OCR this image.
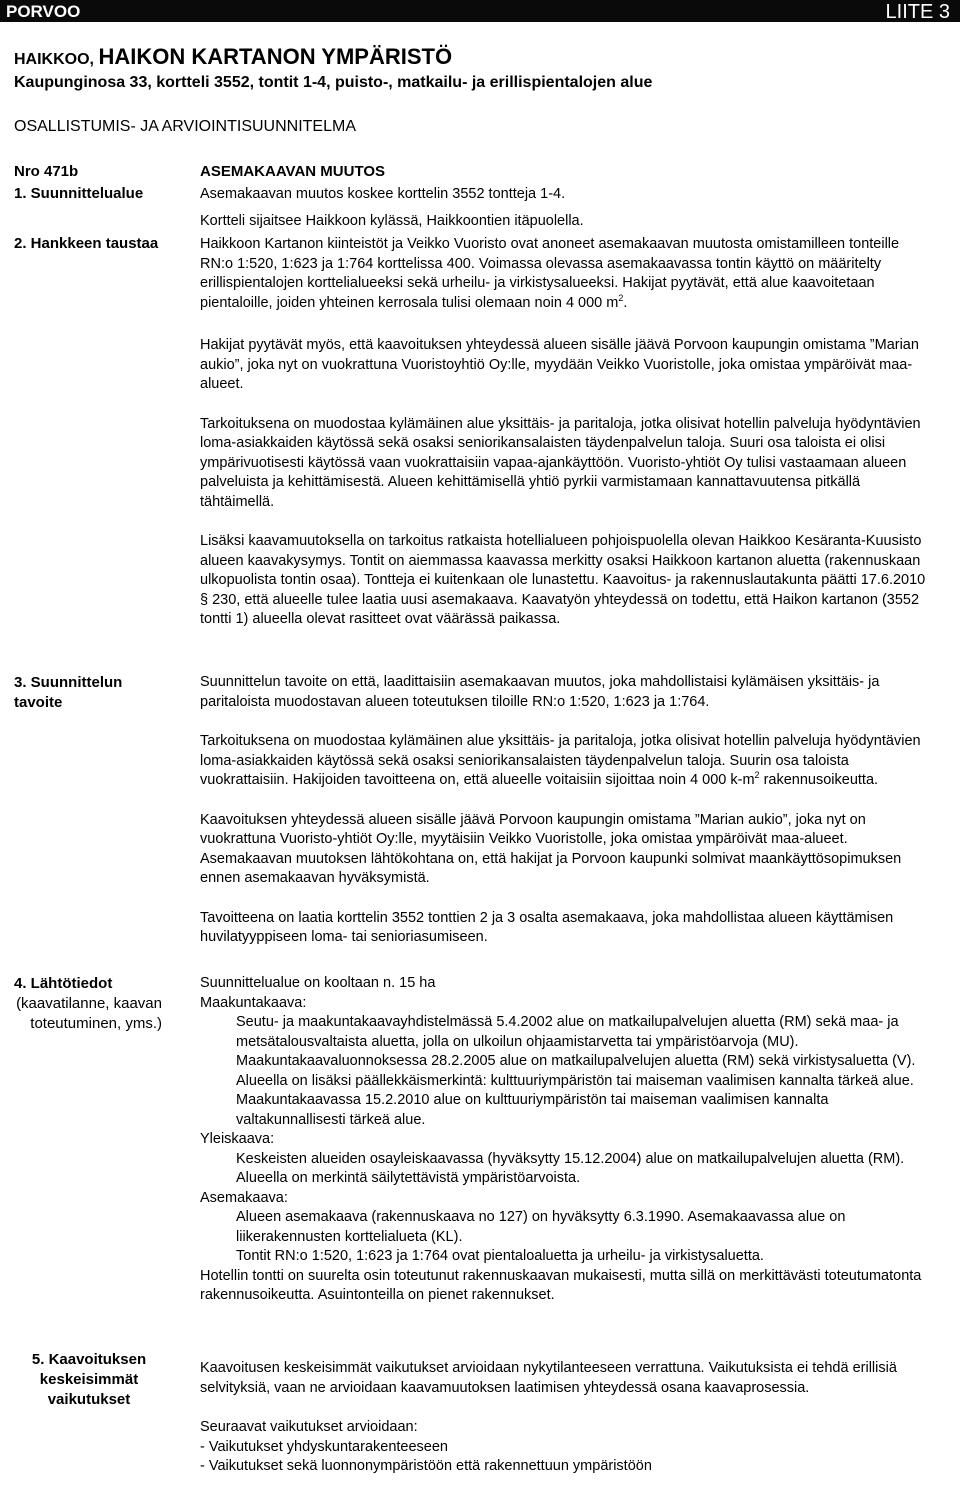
PORVOO	LIITE 3
HAIKKOO, HAIKON KARTANON YMPÄRISTÖ
Kaupunginosa 33, kortteli 3552, tontit 1-4, puisto-, matkailu- ja erillispientalojen alue
OSALLISTUMIS- JA ARVIOINTISUUNNITELMA
Nro 471b	ASEMAKAAVAN MUUTOS
1. Suunnittelualue	Asemakaavan muutos koskee korttelin 3552 tontteja 1-4.

Kortteli sijaitsee Haikkoon kylässä, Haikkoontien itäpuolella.

2. Hankkeen taustaa	Haikkoon Kartanon kiinteistöt ja Veikko Vuoristo ovat anoneet asemakaavan muutosta omistamilleen tonteille RN:o 1:520, 1:623 ja 1:764 korttelissa 400. Voimassa olevassa asemakaavassa tontin käyttö on määritelty erillispientalojen korttelialueeksi sekä urheilu- ja virkistysalueeksi. Hakijat pyytävät, että alue kaavoitetaan pientaloille, joiden yhteinen kerrosala tulisi olemaan noin 4 000 $m^2$.

Hakijat pyytävät myös, että kaavoituksen yhteydessä alueen sisälle jäävä Porvoon kaupungin omistama ”Marian aukio”, joka nyt on vuokrattuna Vuoristoyhtiö Oy:lle, myydään Veikko Vuoristolle, joka omistaa ympäröivät maa-alueet.

Tarkoituksena on muodostaa kylämäinen alue yksittäis- ja paritaloja, jotka olisivat hotellin palveluja hyödyntävien loma-asiakkaiden käytössä sekä osaksi seniorikansalaisten täydenpalvelun taloja. Suuri osa taloista ei olisi ympärivuotisesti käytössä vaan vuokrattaisiin vapaa-ajankäyttöön. Vuoristo-yhtiöt Oy tulisi vastaamaan alueen palveluista ja kehittämisestä. Alueen kehittämisellä yhtiö pyrkii varmistamaan kannattavuutensa pitkällä tähtäimellä.

Lisäksi kaavamuutoksella on tarkoitus ratkaista hotellialueen pohjoispuolella olevan Haikkoo Kesäranta-Kuusisto alueen kaavakysymys. Tontit on aiemmassa kaavassa merkitty osaksi Haikkoon kartanon aluetta (rakennuskaan ulkopuolista tontin osaa). Tontteja ei kuitenkaan ole lunastettu. Kaavoitus- ja rakennuslautakunta päätti 17.6.2010 § 230, että alueelle tulee laatia uusi asemakaava. Kaavatyön yhteydessä on todettu, että Haikon kartanon (3552 tontti 1) alueella olevat rasitteet ovat väärässä paikassa.

3. Suunnittelun tavoite

Suunnittelun tavoite on että, laadittaisiin asemakaavan muutos, joka mahdollistaisi kylämäisen yksittäis- ja paritaloista muodostavan alueen toteutuksen tiloille RN:o 1:520, 1:623 ja 1:764.

Tarkoituksena on muodostaa kylämäinen alue yksittäis- ja paritaloja, jotka olisivat hotellin palveluja hyödyntävien loma-asiakkaiden käytössä sekä osaksi seniorikansalaisten täydenpalvelun taloja. Suurin osa taloista vuokrattaisiin. Hakijoiden tavoitteena on, että alueelle voitaisiin sijoittaa noin 4 000 $k-m^2$ rakennusoikeutta.

Kaavoituksen yhteydessä alueen sisälle jäävä Porvoon kaupungin omistama ”Marian aukio”, joka nyt on vuokrattuna Vuoristo-yhtiöt Oy:lle, myytäisiin Veikko Vuoristolle, joka omistaa ympäröivät maa-alueet. Asemakaavan muutoksen lähtökohtana on, että hakijat ja Porvoon kaupunki solmivat maankäyttösopimuksen ennen asemakaavan hyväksymistä.

Tavoitteena on laatia korttelin 3552 tonttien 2 ja 3 osalta asemakaava, joka mahdollistaa alueen käyttämisen huvilatyyppiseen loma- tai senioriasumiseen.

4. Lähtötiedot
(kaavatilanne, kaavan toteutuminen, yms.)

Suunnittelualue on kooltaan n. 15 ha

Maakuntakaava:

Seutu- ja maakuntakaavayhdistelmässä 5.4.2002 alue on matkailupalvelujen aluetta (RM) sekä maa- ja metsätalousvaltaista aluetta, jolla on ulkoilun ohjaamistarvetta tai ympäristöarvoja (MU).

Maakuntakaavaluonnoksessa 28.2.2005 alue on matkailupalvelujen aluetta (RM) sekä virkistysaluetta (V). Alueella on lisäksi päällekkäismerkintä: kulttuuriympäristön tai maiseman vaalimisen kannalta tärkeä alue.

Maakuntakaavassa 15.2.2010 alue on kulttuuriympäristön tai maiseman vaalimisen kannalta valtakunnallisesti tärkeä alue.

Yleiskaava:

Keskeisten alueiden osayleiskaavassa (hyväksytty 15.12.2004) alue on matkailupalvelujen aluetta (RM). Alueella on merkintä säilytettävistä ympäristöarvoista.

Asemakaava:

Alueen asemakaava (rakennuskaava no 127) on hyväksytty 6.3.1990. Asemakaavassa alue on liikerakennusten korttelialueta (KL).

Tontit RN:o 1:520, 1:623 ja 1:764 ovat pientaloaluetta ja urheilu- ja virkistysaluetta.

Hotellin tontti on suurelta osin toteutunut rakennuskaavan mukaisesti, mutta sillä on merkittävästi toteutumatonta rakennusoikeutta. Asuintonteilla on pienet rakennukset.

5. Kaavoituksen keskeisimmät vaikutukset

Kaavoitusen keskeisimmät vaikutukset arvioidaan nykytilanteeseen verrattuna. Vaikutuksista ei tehdä erillisiä selvityksiä, vaan ne arvioidaan kaavamuutoksen laatimisen yhteydessä osana kaavaprosessia.

Seuraavat vaikutukset arvioidaan:

- Vaikutukset yhdyskuntarakenteeseen

- Vaikutukset sekä luonnonympäristöön että rakennettuun ympäristöön
